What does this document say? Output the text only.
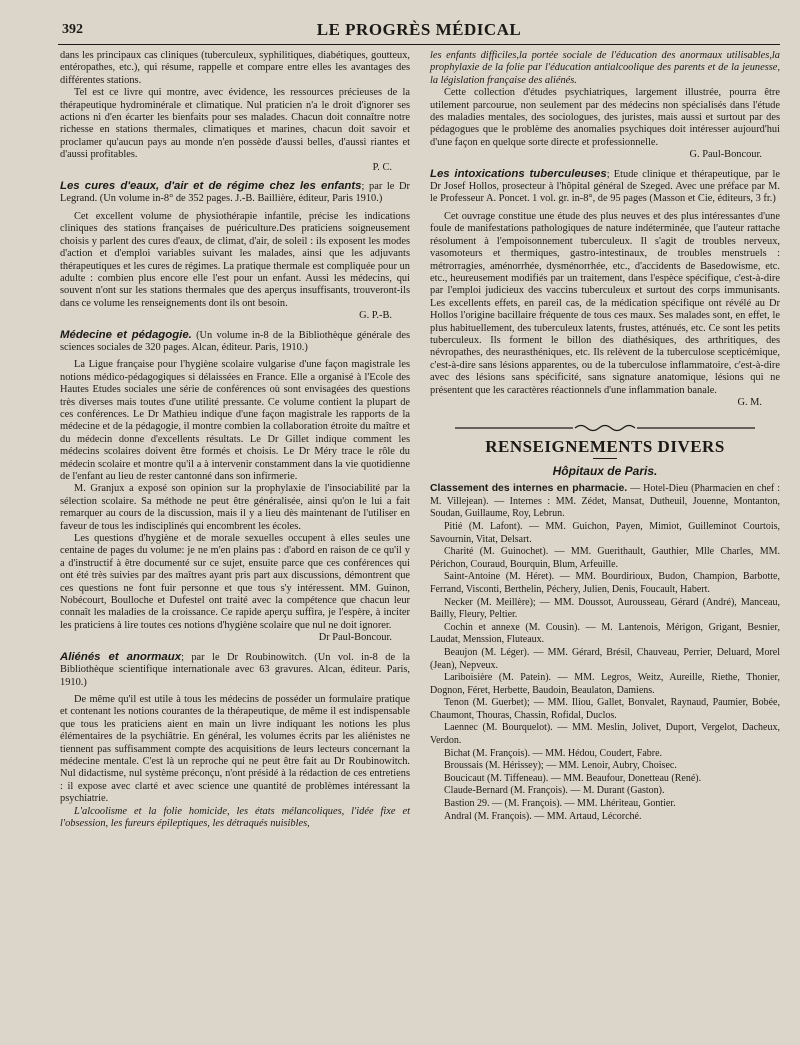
392	LE PROGRÈS MÉDICAL

dans les principaux cas cliniques (tuberculeux, syphilitiques, diabétiques, goutteux, entéropathes, etc.), qui résume, rappelle et compare entre elles les avantages des différentes stations.

Tel est ce livre qui montre, avec évidence, les ressources précieuses de la thérapeutique hydrominérale et climatique. Nul praticien n'a le droit d'ignorer ses actions ni d'en écarter les bienfaits pour ses malades. Chacun doit connaître notre richesse en stations thermales, climatiques et marines, chacun doit savoir et proclamer qu'aucun pays au monde n'en possède d'aussi belles, d'aussi riantes et d'aussi profitables.

P. C.

Les cures d'eaux, d'air et de régime chez les enfants; par le Dr Legrand. (Un volume in-8° de 352 pages. J.-B. Baillière, éditeur, Paris 1910.)

Cet excellent volume de physiothérapie infantile, précise les indications cliniques des stations françaises de puériculture.Des praticiens soigneusement choisis y parlent des cures d'eaux, de climat, d'air, de soleil : ils exposent les modes d'action et d'emploi variables suivant les malades, ainsi que les adjuvants thérapeutiques et les cures de régimes. La pratique thermale est compliquée pour un adulte : combien plus encore elle l'est pour un enfant. Aussi les médecins, qui souvent n'ont sur les stations thermales que des aperçus insuffisants, trouveront-ils dans ce volume les renseignements dont ils ont besoin.

G. P.-B.

Médecine et pédagogie. (Un volume in-8 de la Bibliothèque générale des sciences sociales de 320 pages. Alcan, éditeur. Paris, 1910.)

La Ligue française pour l'hygiène scolaire vulgarise d'une façon magistrale les notions médico-pédagogiques si délaissées en France. Elle a organisé à l'Ecole des Hautes Etudes sociales une série de conférences où sont envisagées des questions très diverses mais toutes d'une utilité pressante. Ce volume contient la plupart de ces conférences. Le Dr Mathieu indique d'une façon magistrale les rapports de la médecine et de la pédagogie, il montre combien la collaboration étroite du maître et du médecin donne d'excellents résultats. Le Dr Gillet indique comment les médecins scolaires doivent être formés et choisis. Le Dr Méry trace le rôle du médecin scolaire et montre qu'il a à intervenir constamment dans la vie quotidienne de l'enfant au lieu de rester cantonné dans son infirmerie.

M. Granjux a exposé son opinion sur la prophylaxie de l'insociabilité par la sélection scolaire. Sa méthode ne peut être généralisée, ainsi qu'on le lui a fait remarquer au cours de la discussion, mais il y a lieu dès maintenant de l'utiliser en faveur de tous les indisciplinés qui encombrent les écoles.

Les questions d'hygiène et de morale sexuelles occupent à elles seules une centaine de pages du volume: je ne m'en plains pas : d'abord en raison de ce qu'il y a d'instructif à être documenté sur ce sujet, ensuite parce que ces conférences qui ont été très suivies par des maîtres ayant pris part aux discussions, démontrent que ces questions ne font fuir personne et que tous s'y intéressent. MM. Guinon, Nobécourt, Boulloche et Dufestel ont traité avec la compétence que chacun leur connaît les maladies de la croissance. Ce rapide aperçu suffira, je l'espère, à inciter les praticiens à lire toutes ces notions d'hygiène scolaire que nul ne doit ignorer.

Dr Paul-Boncour.

Aliénés et anormaux; par le Dr Roubinowitch. (Un vol. in-8 de la Bibliothèque scientifique internationale avec 63 gravures. Alcan, éditeur. Paris, 1910.)

De même qu'il est utile à tous les médecins de posséder un formulaire pratique et contenant les notions courantes de la thérapeutique, de même il est indispensable que tous les praticiens aient en main un livre indiquant les notions les plus élémentaires de la psychiâtrie. En général, les volumes écrits par les aliénistes ne tiennent pas suffisamment compte des acquisitions de leurs lecteurs concernant la médecine mentale. C'est là un reproche qui ne peut être fait au Dr Roubinowitch. Nul didactisme, nul système préconçu, n'ont présidé à la rédaction de ces entretiens : il expose avec clarté et avec science une quantité de problèmes intéressant la psychiatrie.

L'alcoolisme et la folie homicide, les états mélancoliques, l'idée fixe et l'obsession, les fureurs épileptiques, les détraqués nuisibles,

les enfants difficiles,la portée sociale de l'éducation des anormaux utilisables,la prophylaxie de la folie par l'éducation antialcoolique des parents et de la jeunesse, la législation française des aliénés.

Cette collection d'études psychiatriques, largement illustrée, pourra être utilement parcourue, non seulement par des médecins non spécialisés dans l'étude des maladies mentales, des sociologues, des juristes, mais aussi et surtout par des pédagogues que le problème des anomalies psychiques doit intéresser aujourd'hui d'une façon en quelque sorte directe et professionnelle.

G. Paul-Boncour.

Les intoxications tuberculeuses; Etude clinique et thérapeutique, par le Dr Josef Hollos, prosecteur à l'hôpital général de Szeged. Avec une préface par M. le Professeur A. Poncet. 1 vol. gr. in-8°, de 95 pages (Masson et Cie, éditeurs, 3 fr.)

Cet ouvrage constitue une étude des plus neuves et des plus intéressantes d'une foule de manifestations pathologiques de nature indéterminée, que l'auteur rattache résolument à l'empoisonnement tuberculeux. Il s'agit de troubles nerveux, vasomoteurs et thermiques, gastro-intestinaux, de troubles menstruels : métrorragies, aménorrhée, dysménorrhée, etc., d'accidents de Basedowisme, etc. etc., heureusement modifiés par un traitement, dans l'espèce spécifique, c'est-à-dire par l'emploi judicieux des vaccins tuberculeux et surtout des corps immunisants. Les excellents effets, en pareil cas, de la médication spécifique ont révélé au Dr Hollos l'origine bacillaire fréquente de tous ces maux. Ses malades sont, en effet, le plus habituellement, des tuberculeux latents, frustes, atténués, etc. Ce sont les petits tuberculeux. Ils forment le billon des diathésiques, des arthritiques, des névropathes, des neurasthéniques, etc. Ils relèvent de la tuberculose scepticémique, c'est-à-dire sans lésions apparentes, ou de la tuberculose inflammatoire, c'est-à-dire avec des lésions sans spécificité, sans signature anatomique, lésions qui ne présentent que les caractères réactionnels d'une inflammation banale.

G. M.

RENSEIGNEMENTS DIVERS
Hôpitaux de Paris.

Classement des internes en pharmacie. — Hotel-Dieu (Pharmacien en chef : M. Villejean). — Internes : MM. Zédet, Mansat, Dutheuil, Jouenne, Montanton, Soudan, Guillaume, Roy, Lebrun.

Pitié (M. Lafont). — MM. Guichon, Payen, Mimiot, Guilleminot Courtois, Savournin, Vitat, Delsart.

Charité (M. Guinochet). — MM. Guerithault, Gauthier, Mlle Charles, MM. Périchon, Couraud, Bourquin, Blum, Arfeuille.

Saint-Antoine (M. Héret). — MM. Bourdirioux, Budon, Champion, Barbotte, Ferrand, Visconti, Berthelin, Péchery, Julien, Denis, Foucault, Habert.

Necker (M. Meillère); — MM. Doussot, Aurousseau, Gérard (André), Manceau, Bailly, Fleury, Peltier.

Cochin et annexe (M. Cousin). — M. Lantenois, Mérigon, Grigant, Besnier, Laudat, Menssion, Fluteaux.

Beaujon (M. Léger). — MM. Gérard, Brésil, Chauveau, Perrier, Deluard, Morel (Jean), Nepveux.

Lariboisière (M. Patein). — MM. Legros, Weitz, Aureille, Riethe, Thonier, Dognon, Féret, Herbette, Baudoin, Beaulaton, Damiens.

Tenon (M. Guerbet); — MM. Iliou, Gallet, Bonvalet, Raynaud, Paumier, Bobée, Chaumont, Thouras, Chassin, Rofidal, Duclos.

Laennec (M. Bourquelot). — MM. Meslin, Jolivet, Duport, Vergelot, Dacheux, Verdon.

Bichat (M. François). — MM. Hédou, Coudert, Fabre.

Broussais (M. Hérissey); — MM. Lenoir, Aubry, Choisec.

Boucicaut (M. Tiffeneau). — MM. Beaufour, Donetteau (René).

Claude-Bernard (M. François). — M. Durant (Gaston).

Bastion 29. — (M. François). — MM. Lhériteau, Gontier.

Andral (M. François). — MM. Artaud, Lécorché.
